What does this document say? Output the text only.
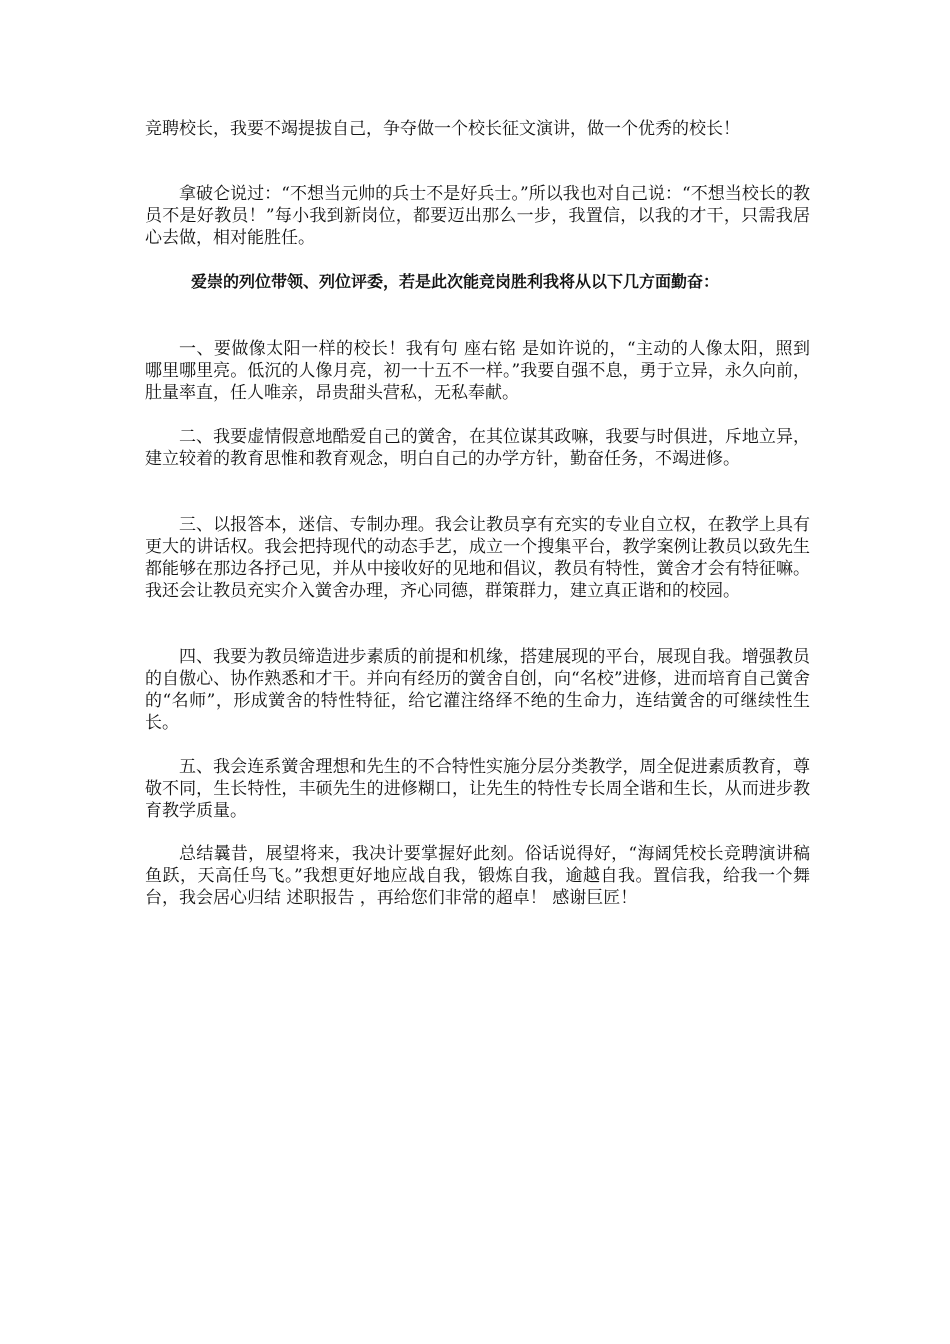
竞聘校长，我要不竭提拔自己，争夺做一个校长征文演讲，做一个优秀的校长！

拿破仑说过：“不想当元帅的兵士不是好兵士。”所以我也对自己说：“不想当校长的教员不是好教员！”每小我到新岗位，都要迈出那么一步，我置信，以我的才干，只需我居心去做，相对能胜任。

爱崇的列位带领、列位评委，若是此次能竞岗胜利我将从以下几方面勤奋：

一、要做像太阳一样的校长！我有句 座右铭 是如许说的，“主动的人像太阳，照到哪里哪里亮。低沉的人像月亮，初一十五不一样。”我要自强不息，勇于立异，永久向前，肚量率直，任人唯亲，昂贵甜头营私，无私奉献。

二、我要虚情假意地酷爱自己的黉舍，在其位谋其政嘛，我要与时俱进，斥地立异，建立较着的教育思惟和教育观念，明白自己的办学方针，勤奋任务，不竭进修。

三、以报答本，迷信、专制办理。我会让教员享有充实的专业自立权，在教学上具有更大的讲话权。我会把持现代的动态手艺，成立一个搜集平台，教学案例让教员以致先生都能够在那边各抒己见，并从中接收好的见地和倡议，教员有特性，黉舍才会有特征嘛。我还会让教员充实介入黉舍办理，齐心同德，群策群力，建立真正谐和的校园。

四、我要为教员缔造进步素质的前提和机缘，搭建展现的平台，展现自我。增强教员的自傲心、协作熟悉和才干。并向有经历的黉舍自创，向“名校”进修，进而培育自己黉舍的“名师”，形成黉舍的特性特征，给它灌注络绎不绝的生命力，连结黉舍的可继续性生长。

五、我会连系黉舍理想和先生的不合特性实施分层分类教学，周全促进素质教育，尊敬不同，生长特性，丰硕先生的进修糊口，让先生的特性专长周全谐和生长，从而进步教育教学质量。

总结曩昔，展望将来，我决计要掌握好此刻。俗话说得好，“海阔凭校长竞聘演讲稿鱼跃，天高任鸟飞。”我想更好地应战自我，锻炼自我，逾越自我。置信我，给我一个舞台，我会居心归结 述职报告 ，再给您们非常的超卓！ 感谢巨匠！
